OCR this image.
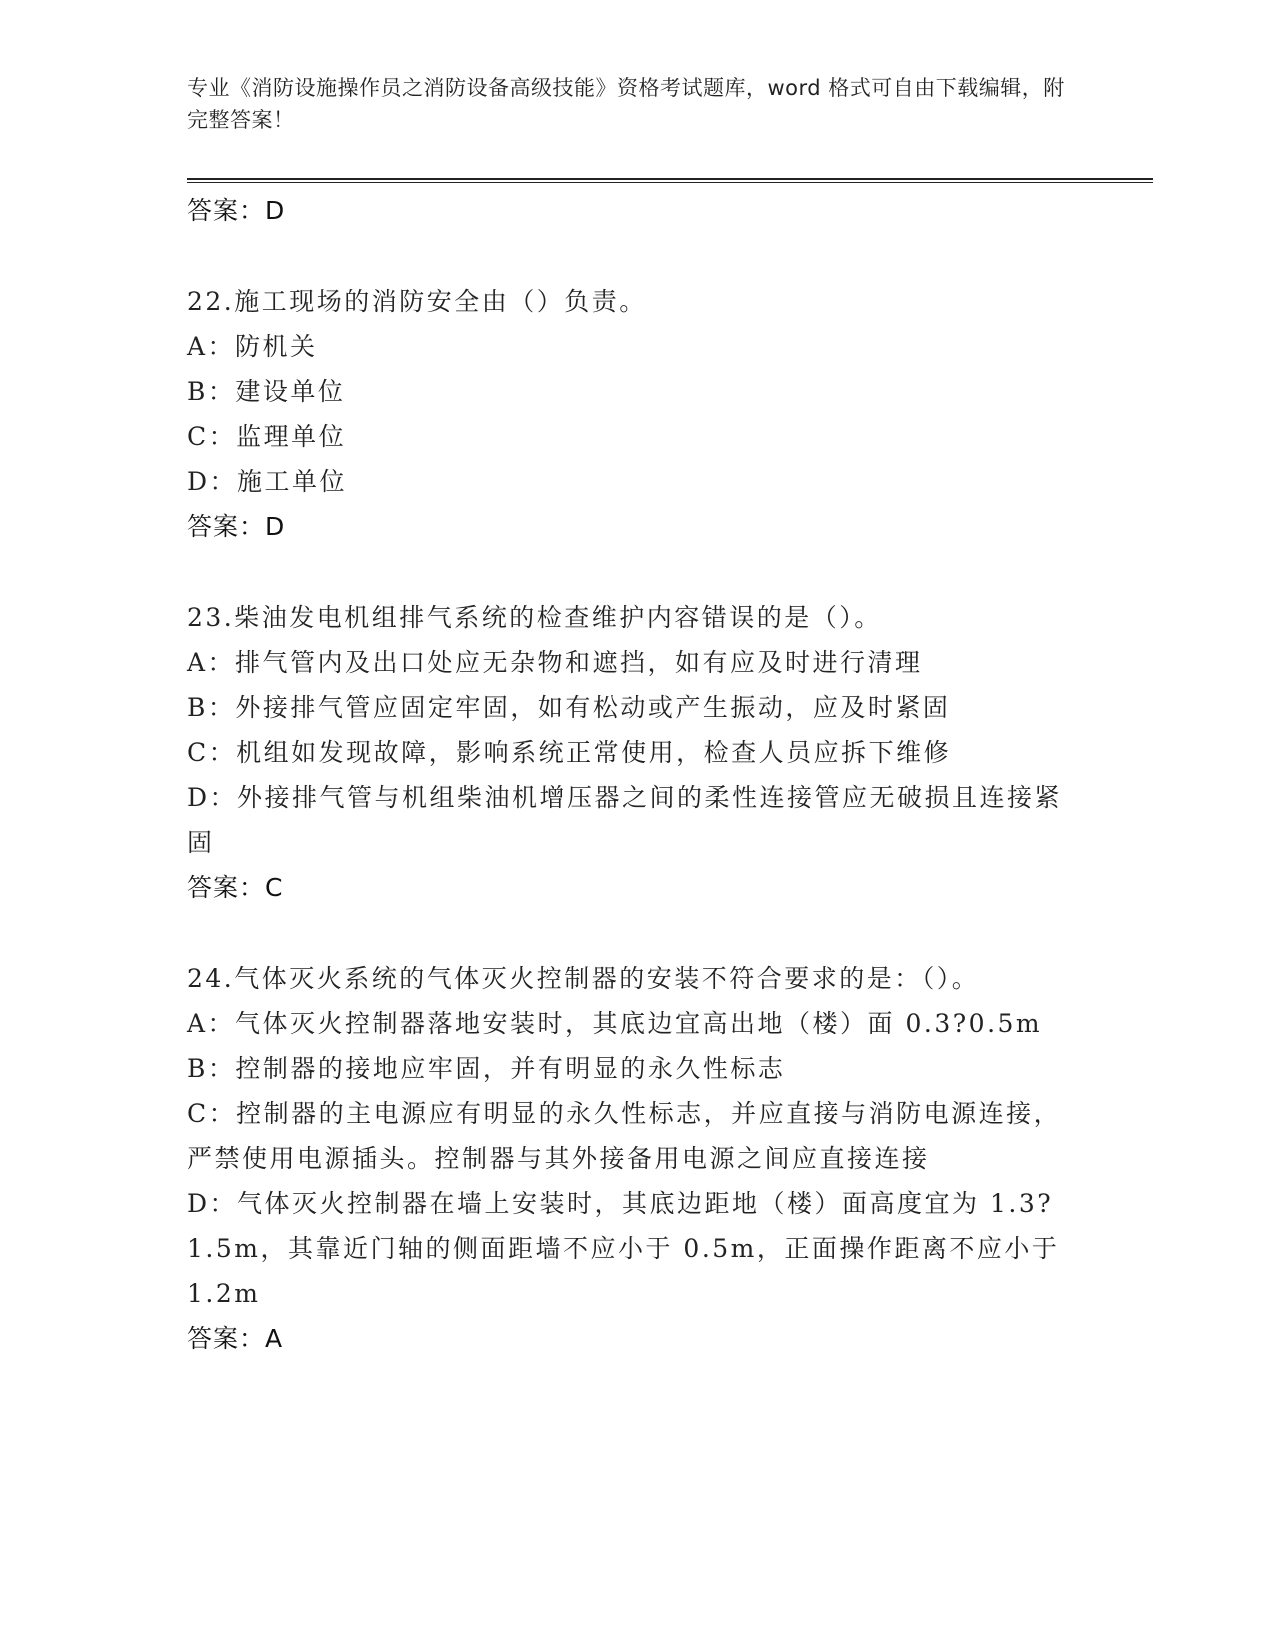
专业《消防设施操作员之消防设备高级技能》资格考试题库，word 格式可自由下载编辑，附完整答案！
答案：D

22.施工现场的消防安全由（）负责。

A：防机关

B：建设单位

C：监理单位

D：施工单位

答案：D

23.柴油发电机组排气系统的检查维护内容错误的是（）。

A：排气管内及出口处应无杂物和遮挡，如有应及时进行清理

B：外接排气管应固定牢固，如有松动或产生振动，应及时紧固

C：机组如发现故障，影响系统正常使用，检查人员应拆下维修

D：外接排气管与机组柴油机增压器之间的柔性连接管应无破损且连接紧固

答案：C

24.气体灭火系统的气体灭火控制器的安装不符合要求的是：（）。

A：气体灭火控制器落地安装时，其底边宜高出地（楼）面 0.3?0.5m

B：控制器的接地应牢固，并有明显的永久性标志

C：控制器的主电源应有明显的永久性标志，并应直接与消防电源连接，严禁使用电源插头。控制器与其外接备用电源之间应直接连接

D：气体灭火控制器在墙上安装时，其底边距地（楼）面高度宜为 1.3?1.5m，其靠近门轴的侧面距墙不应小于 0.5m，正面操作距离不应小于 1.2m

答案：A
